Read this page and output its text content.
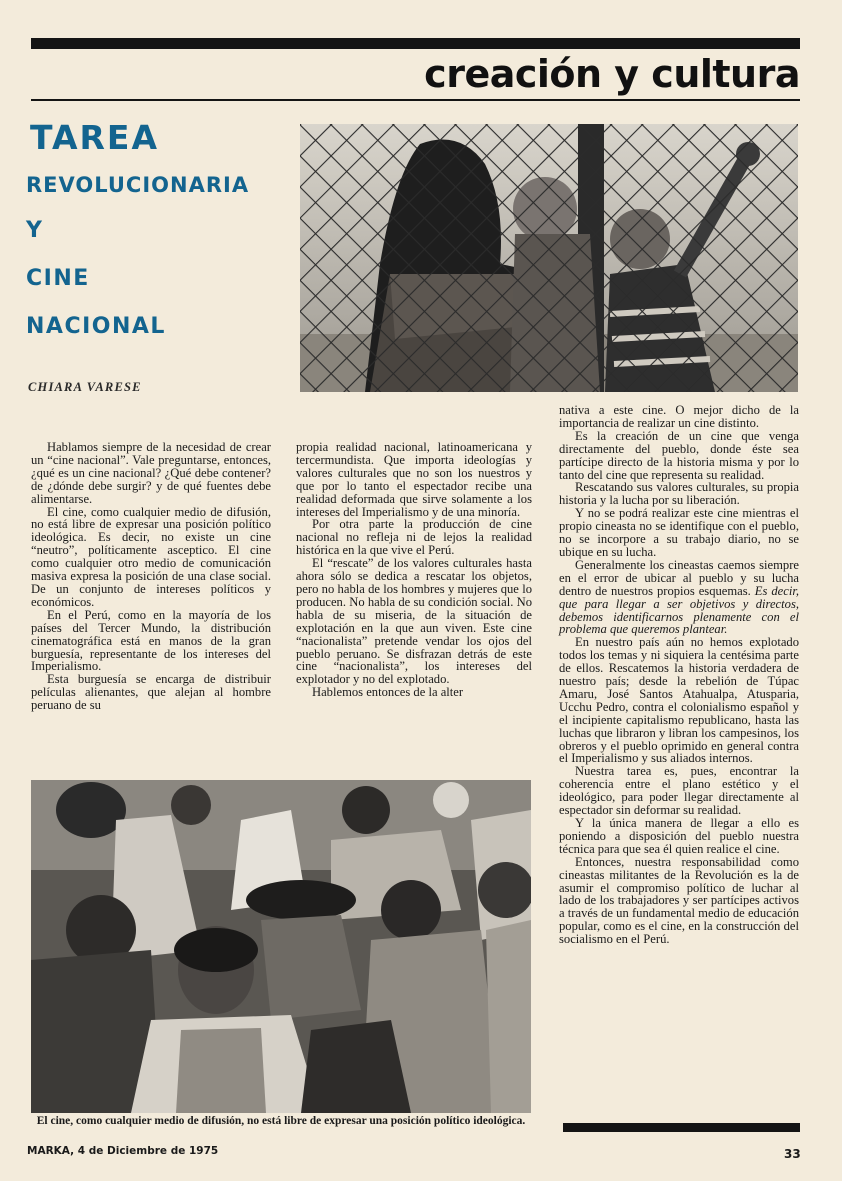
creación y cultura
TAREA
REVOLUCIONARIA
Y
CINE
NACIONAL
CHIARA VARESE

Hablamos siempre de la necesidad de crear un “cine nacional”. Vale preguntarse, entonces, ¿qué es un cine nacional? ¿Qué debe contener? de ¿dónde debe surgir? y de qué fuentes debe alimentarse.

El cine, como cualquier medio de difusión, no está libre de expresar una posición político ideológica. Es decir, no existe un cine “neutro”, políticamente asceptico. El cine como cualquier otro medio de comunicación masiva expresa la posición de una clase social. De un conjunto de intereses políticos y económicos.

En el Perú, como en la mayoría de los países del Tercer Mundo, la distribución cinematográfica está en manos de la gran burguesía, representante de los intereses del Imperialismo.

Esta burguesía se encarga de distribuir películas alienantes, que alejan al hombre peruano de su

propia realidad nacional, latinoamericana y tercermundista. Que importa ideologías y valores culturales que no son los nuestros y que por lo tanto el espectador recibe una realidad deformada que sirve solamente a los intereses del Imperialismo y de una minoría.

Por otra parte la producción de cine nacional no refleja ni de lejos la realidad histórica en la que vive el Perú.

El “rescate” de los valores culturales hasta ahora sólo se dedica a rescatar los objetos, pero no habla de los hombres y mujeres que lo producen. No habla de su condición social. No habla de su miseria, de la situación de explotación en la que aun viven. Este cine “nacionalista” pretende vendar los ojos del pueblo peruano. Se disfrazan detrás de este cine “nacionalista”, los intereses del explotador y no del explotado.

Hablemos entonces de la alter

nativa a este cine. O mejor dicho de la importancia de realizar un cine distinto.

Es la creación de un cine que venga directamente del pueblo, donde éste sea partícipe directo de la historia misma y por lo tanto del cine que representa su realidad.

Rescatando sus valores culturales, su propia historia y la lucha por su liberación.

Y no se podrá realizar este cine mientras el propio cineasta no se identifique con el pueblo, no se incorpore a su trabajo diario, no se ubique en su lucha.

Generalmente los cineastas caemos siempre en el error de ubicar al pueblo y su lucha dentro de nuestros propios esquemas. Es decir, que para llegar a ser objetivos y directos, debemos identificarnos plenamente con el problema que queremos plantear.

En nuestro país aún no hemos explotado todos los temas y ni siquiera la centésima parte de ellos. Rescatemos la historia verdadera de nuestro país; desde la rebelión de Túpac Amaru, José Santos Atahualpa, Atusparia, Ucchu Pedro, contra el colonialismo español y el incipiente capitalismo republicano, hasta las luchas que libraron y libran los campesinos, los obreros y el pueblo oprimido en general contra el Imperialismo y sus aliados internos.

Nuestra tarea es, pues, encontrar la coherencia entre el plano estético y el ideológico, para poder llegar directamente al espectador sin deformar su realidad.

Y la única manera de llegar a ello es poniendo a disposición del pueblo nuestra técnica para que sea él quien realice el cine.

Entonces, nuestra responsabilidad como cineastas militantes de la Revolución es la de asumir el compromiso político de luchar al lado de los trabajadores y ser partícipes activos a través de un fundamental medio de educación popular, como es el cine, en la construcción del socialismo en el Perú.

El cine, como cualquier medio de difusión, no está libre de expresar una posición político ideológica.
MARKA, 4 de Diciembre de 1975	33
